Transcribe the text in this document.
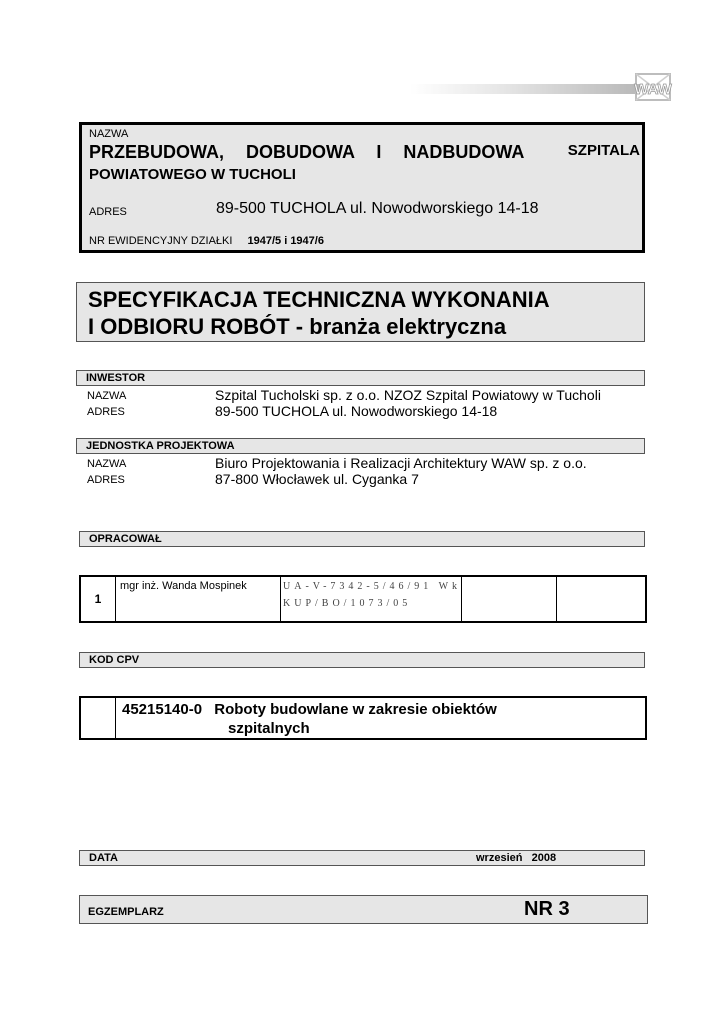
WAW
NAZWA
PRZEBUDOWA, DOBUDOWA I NADBUDOWA	SZPITALA
POWIATOWEGO W TUCHOLI
ADRES	89-500 TUCHOLA ul. Nowodworskiego 14-18
NR EWIDENCYJNY DZIAŁKI 1947/5 i 1947/6
SPECYFIKACJA TECHNICZNA WYKONANIA
I ODBIORU ROBÓT - branża elektryczna
INWESTOR
NAZWA	Szpital Tucholski sp. z o.o. NZOZ Szpital Powiatowy w Tucholi
ADRES	89-500 TUCHOLA ul. Nowodworskiego 14-18
JEDNOSTKA PROJEKTOWA
NAZWA	Biuro Projektowania i Realizacji Architektury WAW sp. z o.o.
ADRES	87-800 Włocławek ul. Cyganka 7
OPRACOWAŁ
1	mgr inż. Wanda Mospinek	UA-V-7342-5/46/91 Wk
KUP/BO/1073/05

KOD CPV

45215140-0 Roboty budowlane w zakresie obiektów
szpitalnych
DATA	wrzesień   2008
EGZEMPLARZ	NR 3
